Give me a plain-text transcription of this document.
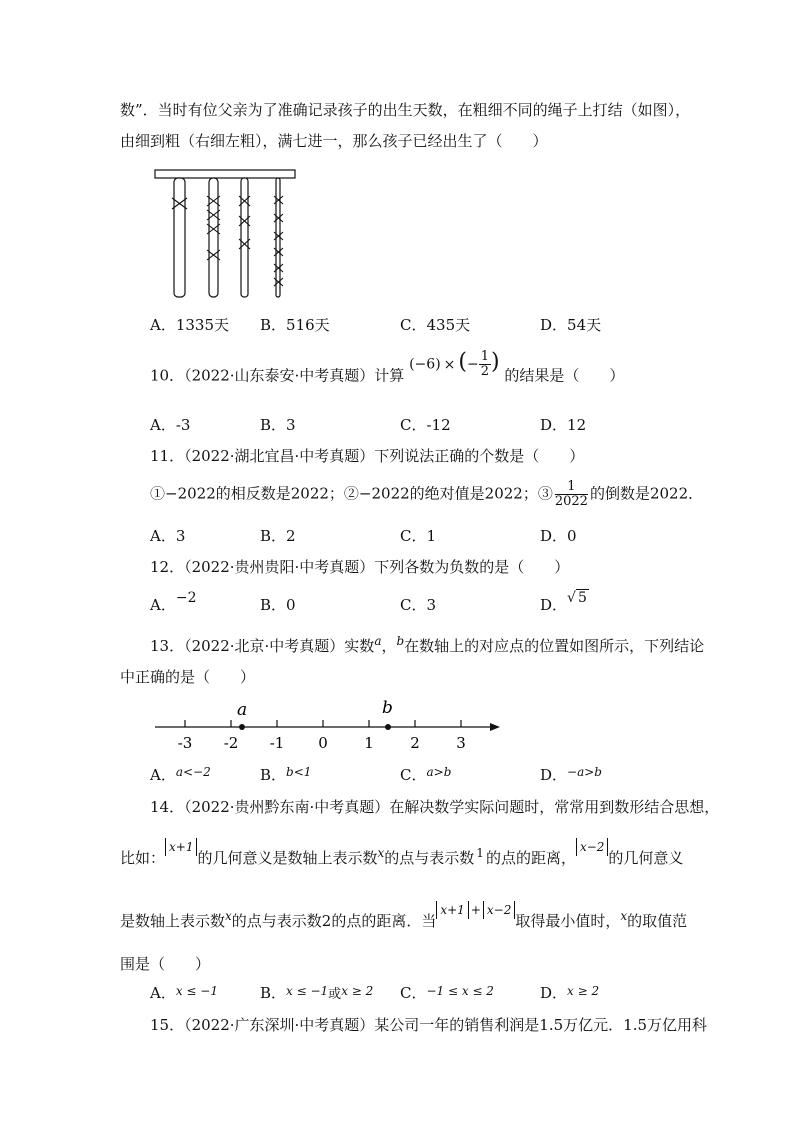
数”．当时有位父亲为了准确记录孩子的出生天数，在粗细不同的绳子上打结（如图），
由细到粗（右细左粗），满七进一，那么孩子已经出生了（　　）
A．1335天 B．516天	C．435天	D．54天
10．（2022·山东泰安·中考真题）计算 (−6) × (− $\frac{1}{2}$ ) 的结果是（　　）
A．-3	B．3	C．-12	D．12
11．（2022·湖北宜昌·中考真题）下列说法正确的个数是（　　）
①−2022的相反数是2022；②−2022的绝对值是2022；③ $\frac{1}{2022}$ 的倒数是2022．
A．3	B．2	C．1	D．0
12．（2022·贵州贵阳·中考真题）下列各数为负数的是（　　）
A．−2	B．0	C．3	D．√ 5
13．（2022·北京·中考真题）实数$^a$，$^b$在数轴上的对应点的位置如图所示，下列结论
中正确的是（　　）
-3 -2 -1 0 1 2 3
a	b
A．$^{a<-2}$	B．$^{b<1}$	C．$^{a>b}$	D．$^{-a>b}$
14．（2022·贵州黔东南·中考真题）在解决数学实际问题时，常常用到数形结合思想，
比如：x+1的几何意义是数轴上表示数$^x$的点与表示数 $^1$ 的点的距离，x−2的几何意义
是数轴上表示数$^x$的点与表示数2的点的距离．当x+1 + x−2取得最小值时，$^x$的取值范
围是（　　）
A．$^{x \le -1}$	B．$^{x \le -1}$或$^{x \ge 2}$ C．$^{-1 \le x \le 2}$	D．$^{x \ge 2}$
15．（2022·广东深圳·中考真题）某公司一年的销售利润是1.5万亿元．1.5万亿用科
